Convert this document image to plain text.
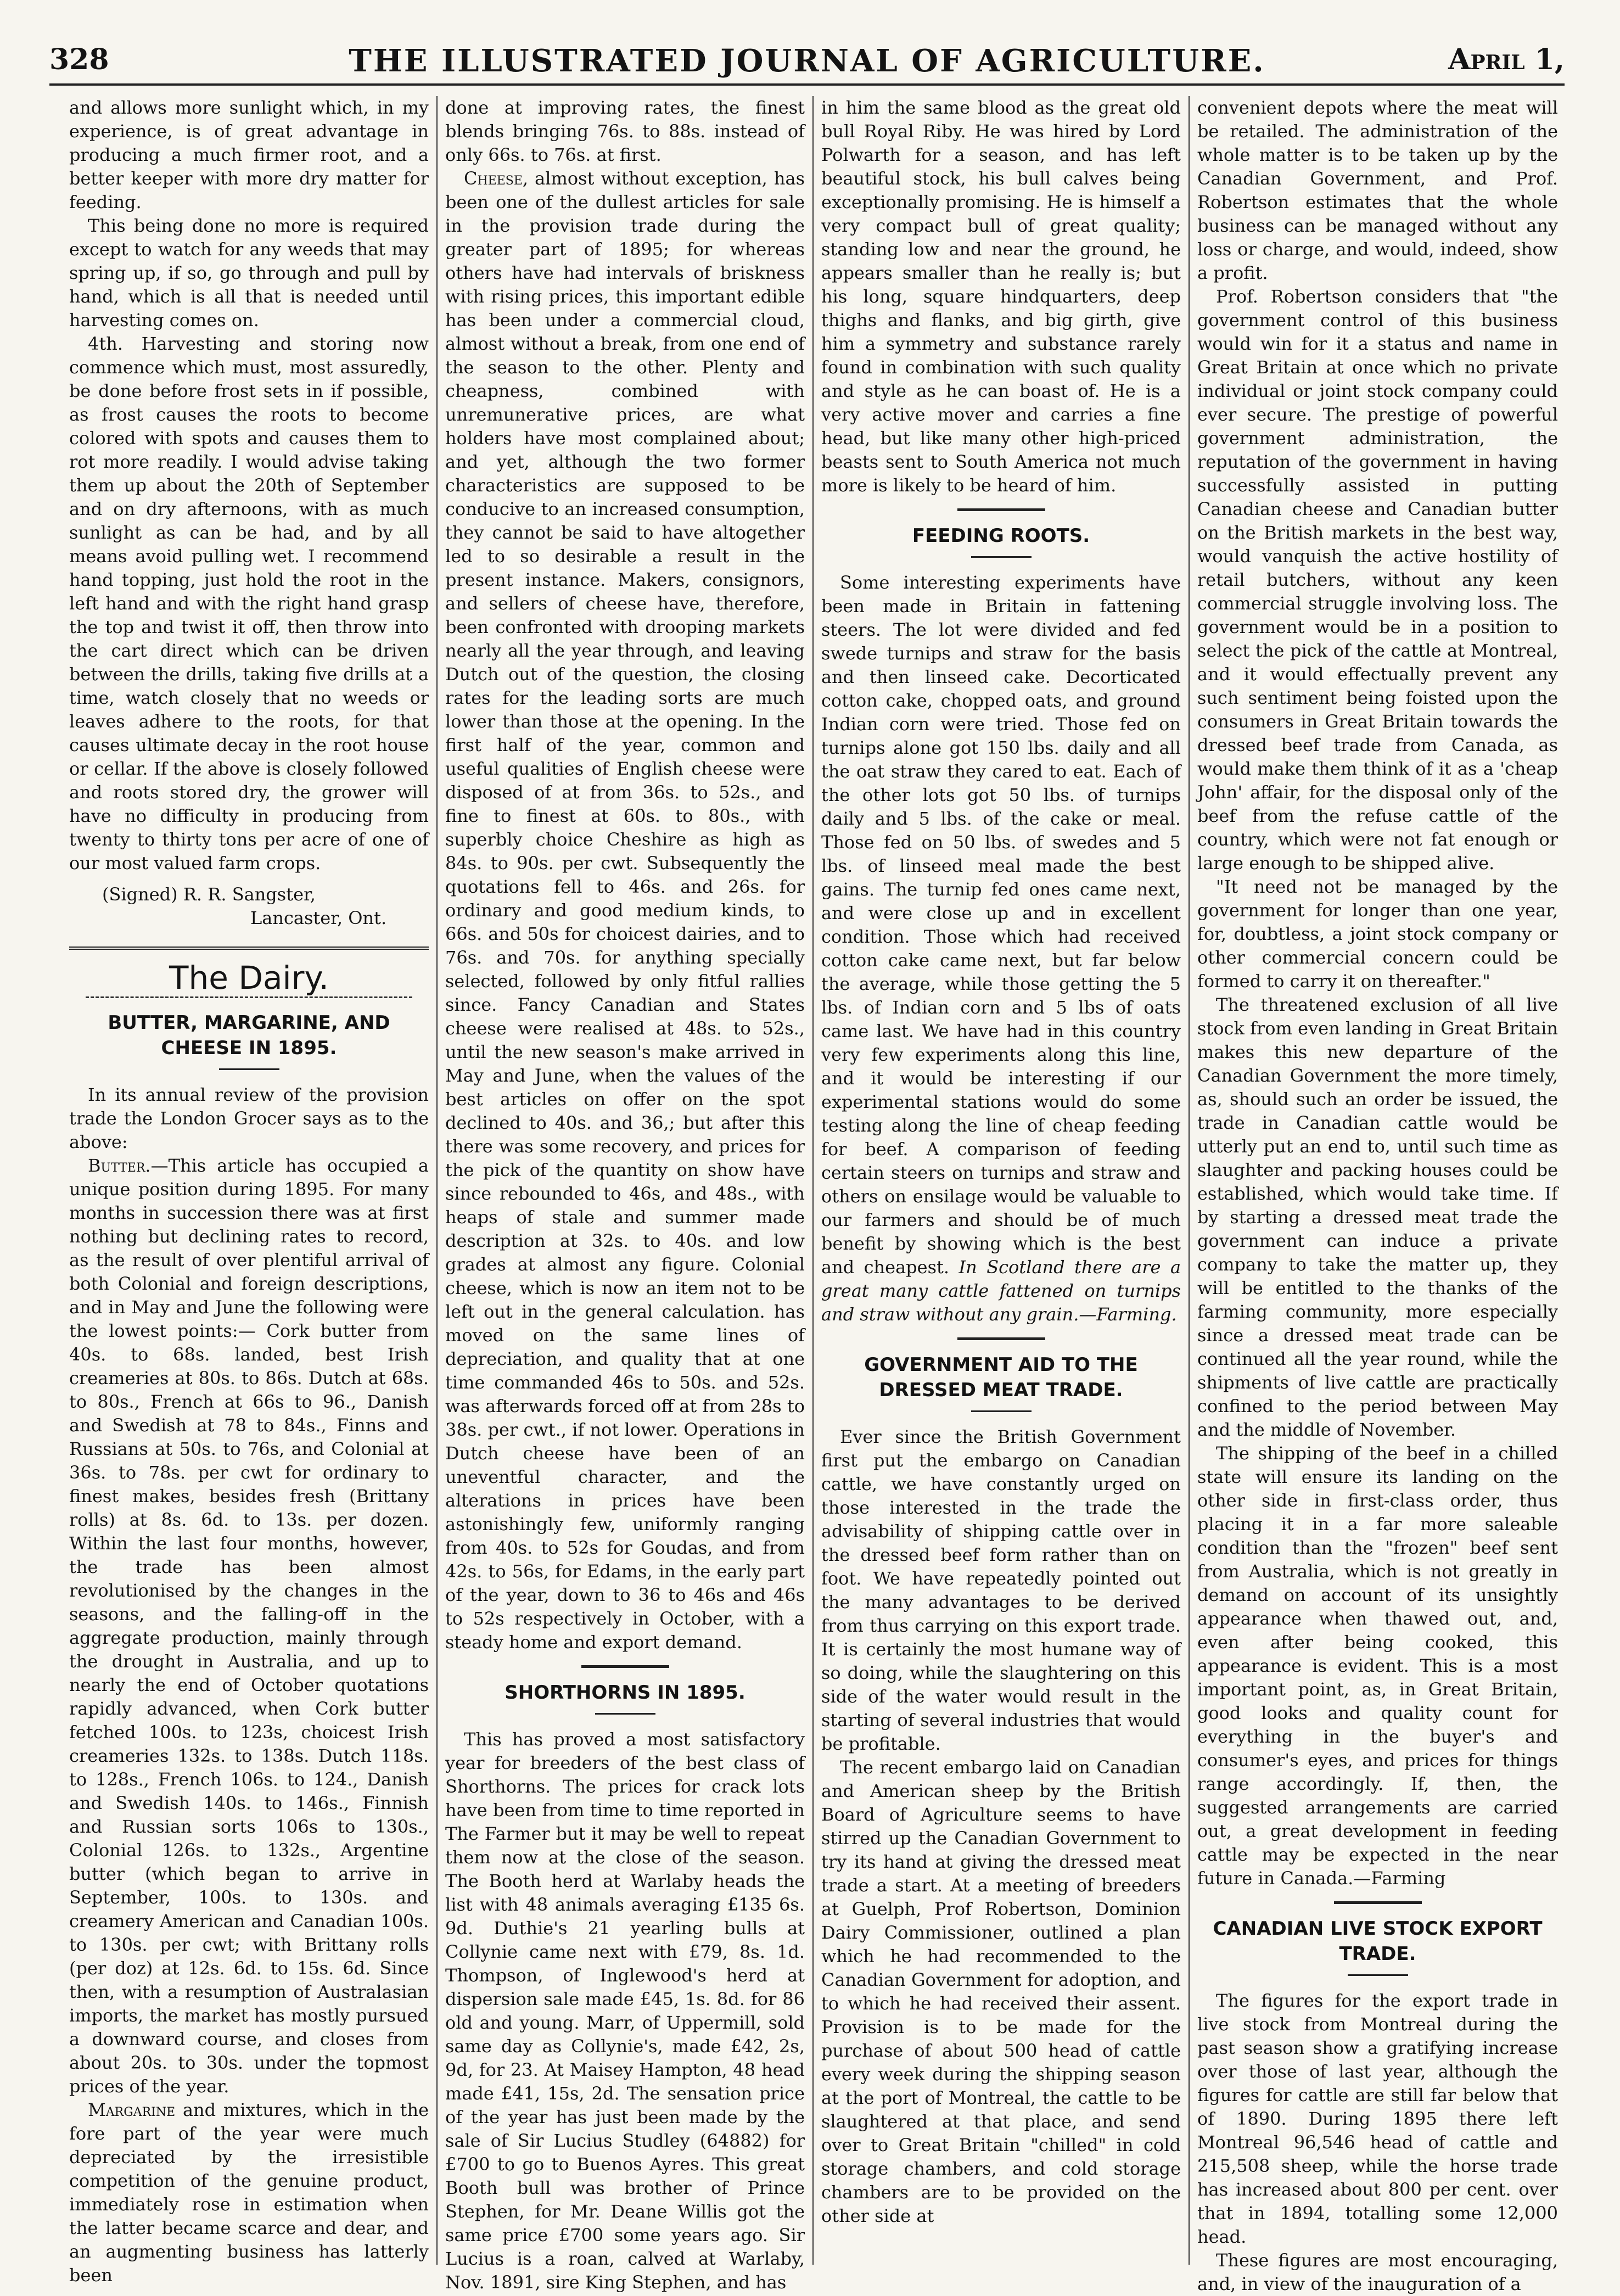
328	THE ILLUSTRATED JOURNAL OF AGRICULTURE.	April 1,

and allows more sunlight which, in my experience, is of great advantage in producing a much firmer root, and a better keeper with more dry matter for feeding.

This being done no more is required except to watch for any weeds that may spring up, if so, go through and pull by hand, which is all that is needed until harvesting comes on.

4th. Harvesting and storing now commence which must, most assuredly, be done before frost sets in if possible, as frost causes the roots to become colored with spots and causes them to rot more readily. I would advise taking them up about the 20th of September and on dry afternoons, with as much sunlight as can be had, and by all means avoid pulling wet. I recommend hand topping, just hold the root in the left hand and with the right hand grasp the top and twist it off, then throw into the cart direct which can be driven between the drills, taking five drills at a time, watch closely that no weeds or leaves adhere to the roots, for that causes ultimate decay in the root house or cellar. If the above is closely followed and roots stored dry, the grower will have no difficulty in producing from twenty to thirty tons per acre of one of our most valued farm crops.

(Signed) R. R. Sangster,

Lancaster, Ont.

The Dairy.
BUTTER, MARGARINE, AND CHEESE IN 1895.

In its annual review of the provision trade the London Grocer says as to the above:

Butter.—This article has occupied a unique position during 1895. For many months in succession there was at first nothing but declining rates to record, as the result of over plentiful arrival of both Colonial and foreign descriptions, and in May and June the following were the lowest points:— Cork butter from 40s. to 68s. landed, best Irish creameries at 80s. to 86s. Dutch at 68s. to 80s., French at 66s to 96., Danish and Swedish at 78 to 84s., Finns and Russians at 50s. to 76s, and Colonial at 36s. to 78s. per cwt for ordinary to finest makes, besides fresh (Brittany rolls) at 8s. 6d. to 13s. per dozen. Within the last four months, however, the trade has been almost revolutionised by the changes in the seasons, and the falling-off in the aggregate production, mainly through the drought in Australia, and up to nearly the end of October quotations rapidly advanced, when Cork butter fetched 100s. to 123s, choicest Irish creameries 132s. to 138s. Dutch 118s. to 128s., French 106s. to 124., Danish and Swedish 140s. to 146s., Finnish and Russian sorts 106s to 130s., Colonial 126s. to 132s., Argentine butter (which began to arrive in September, 100s. to 130s. and creamery American and Canadian 100s. to 130s. per cwt; with Brittany rolls (per doz) at 12s. 6d. to 15s. 6d. Since then, with a resumption of Australasian imports, the market has mostly pursued a downward course, and closes from about 20s. to 30s. under the topmost prices of the year.

Margarine and mixtures, which in the fore part of the year were much depreciated by the irresistible competition of the genuine product, immediately rose in estimation when the latter became scarce and dear, and an augmenting business has latterly been

done at improving rates, the finest blends bringing 76s. to 88s. instead of only 66s. to 76s. at first.

Cheese, almost without exception, has been one of the dullest articles for sale in the provision trade during the greater part of 1895; for whereas others have had intervals of briskness with rising prices, this important edible has been under a commercial cloud, almost without a break, from one end of the season to the other. Plenty and cheapness, combined with unremunerative prices, are what holders have most complained about; and yet, although the two former characteristics are supposed to be conducive to an increased consumption, they cannot be said to have altogether led to so desirable a result in the present instance. Makers, consignors, and sellers of cheese have, therefore, been confronted with drooping markets nearly all the year through, and leaving Dutch out of the question, the closing rates for the leading sorts are much lower than those at the opening. In the first half of the year, common and useful qualities of English cheese were disposed of at from 36s. to 52s., and fine to finest at 60s. to 80s., with superbly choice Cheshire as high as 84s. to 90s. per cwt. Subsequently the quotations fell to 46s. and 26s. for ordinary and good medium kinds, to 66s. and 50s for choicest dairies, and to 76s. and 70s. for anything specially selected, followed by only fitful rallies since. Fancy Canadian and States cheese were realised at 48s. to 52s., until the new season's make arrived in May and June, when the values of the best articles on offer on the spot declined to 40s. and 36,; but after this there was some recovery, and prices for the pick of the quantity on show have since rebounded to 46s, and 48s., with heaps of stale and summer made description at 32s. to 40s. and low grades at almost any figure. Colonial cheese, which is now an item not to be left out in the general calculation. has moved on the same lines of depreciation, and quality that at one time commanded 46s to 50s. and 52s. was afterwards forced off at from 28s to 38s. per cwt., if not lower. Operations in Dutch cheese have been of an uneventful character, and the alterations in prices have been astonishingly few, uniformly ranging from 40s. to 52s for Goudas, and from 42s. to 56s, for Edams, in the early part of the year, down to 36 to 46s and 46s to 52s respectively in October, with a steady home and export demand.

SHORTHORNS IN 1895.

This has proved a most satisfactory year for breeders of the best class of Shorthorns. The prices for crack lots have been from time to time reported in The Farmer but it may be well to repeat them now at the close of the season. The Booth herd at Warlaby heads the list with 48 animals averaging £135 6s. 9d. Duthie's 21 yearling bulls at Collynie came next with £79, 8s. 1d. Thompson, of Inglewood's herd at dispersion sale made £45, 1s. 8d. for 86 old and young. Marr, of Uppermill, sold same day as Collynie's, made £42, 2s, 9d, for 23. At Maisey Hampton, 48 head made £41, 15s, 2d. The sensation price of the year has just been made by the sale of Sir Lucius Studley (64882) for £700 to go to Buenos Ayres. This great Booth bull was brother of Prince Stephen, for Mr. Deane Willis got the same price £700 some years ago. Sir Lucius is a roan, calved at Warlaby, Nov. 1891, sire King Stephen, and has

in him the same blood as the great old bull Royal Riby. He was hired by Lord Polwarth for a season, and has left beautiful stock, his bull calves being exceptionally promising. He is himself a very compact bull of great quality; standing low and near the ground, he appears smaller than he really is; but his long, square hindquarters, deep thighs and flanks, and big girth, give him a symmetry and substance rarely found in combination with such quality and style as he can boast of. He is a very active mover and carries a fine head, but like many other high-priced beasts sent to South America not much more is likely to be heard of him.

FEEDING ROOTS.

Some interesting experiments have been made in Britain in fattening steers. The lot were divided and fed swede turnips and straw for the basis and then linseed cake. Decorticated cotton cake, chopped oats, and ground Indian corn were tried. Those fed on turnips alone got 150 lbs. daily and all the oat straw they cared to eat. Each of the other lots got 50 lbs. of turnips daily and 5 lbs. of the cake or meal. Those fed on 50 lbs. of swedes and 5 lbs. of linseed meal made the best gains. The turnip fed ones came next, and were close up and in excellent condition. Those which had received cotton cake came next, but far below the average, while those getting the 5 lbs. of Indian corn and 5 lbs of oats came last. We have had in this country very few experiments along this line, and it would be interesting if our experimental stations would do some testing along the line of cheap feeding for beef. A comparison of feeding certain steers on turnips and straw and others on ensilage would be valuable to our farmers and should be of much benefit by showing which is the best and cheapest. In Scotland there are a great many cattle fattened on turnips and straw without any grain.—Farming.

GOVERNMENT AID TO THE DRESSED MEAT TRADE.

Ever since the British Government first put the embargo on Canadian cattle, we have constantly urged on those interested in the trade the advisability of shipping cattle over in the dressed beef form rather than on foot. We have repeatedly pointed out the many advantages to be derived from thus carrying on this export trade. It is certainly the most humane way of so doing, while the slaughtering on this side of the water would result in the starting of several industries that would be profitable.

The recent embargo laid on Canadian and American sheep by the British Board of Agriculture seems to have stirred up the Canadian Government to try its hand at giving the dressed meat trade a start. At a meeting of breeders at Guelph, Prof Robertson, Dominion Dairy Commissioner, outlined a plan which he had recommended to the Canadian Government for adoption, and to which he had received their assent. Provision is to be made for the purchase of about 500 head of cattle every week during the shipping season at the port of Montreal, the cattle to be slaughtered at that place, and send over to Great Britain "chilled" in cold storage chambers, and cold storage chambers are to be provided on the other side at

convenient depots where the meat will be retailed. The administration of the whole matter is to be taken up by the Canadian Government, and Prof. Robertson estimates that the whole business can be managed without any loss or charge, and would, indeed, show a profit.

Prof. Robertson considers that "the government control of this business would win for it a status and name in Great Britain at once which no private individual or joint stock company could ever secure. The prestige of powerful government administration, the reputation of the government in having successfully assisted in putting Canadian cheese and Canadian butter on the British markets in the best way, would vanquish the active hostility of retail butchers, without any keen commercial struggle involving loss. The government would be in a position to select the pick of the cattle at Montreal, and it would effectually prevent any such sentiment being foisted upon the consumers in Great Britain towards the dressed beef trade from Canada, as would make them think of it as a 'cheap John' affair, for the disposal only of the beef from the refuse cattle of the country, which were not fat enough or large enough to be shipped alive.

"It need not be managed by the government for longer than one year, for, doubtless, a joint stock company or other commercial concern could be formed to carry it on thereafter."

The threatened exclusion of all live stock from even landing in Great Britain makes this new departure of the Canadian Government the more timely, as, should such an order be issued, the trade in Canadian cattle would be utterly put an end to, until such time as slaughter and packing houses could be established, which would take time. If by starting a dressed meat trade the government can induce a private company to take the matter up, they will be entitled to the thanks of the farming community, more especially since a dressed meat trade can be continued all the year round, while the shipments of live cattle are practically confined to the period between May and the middle of November.

The shipping of the beef in a chilled state will ensure its landing on the other side in first-class order, thus placing it in a far more saleable condition than the "frozen" beef sent from Australia, which is not greatly in demand on account of its unsightly appearance when thawed out, and, even after being cooked, this appearance is evident. This is a most important point, as, in Great Britain, good looks and quality count for everything in the buyer's and consumer's eyes, and prices for things range accordingly. If, then, the suggested arrangements are carried out, a great development in feeding cattle may be expected in the near future in Canada.—Farming

CANADIAN LIVE STOCK EXPORT TRADE.

The figures for the export trade in live stock from Montreal during the past season show a gratifying increase over those of last year, although the figures for cattle are still far below that of 1890. During 1895 there left Montreal 96,546 head of cattle and 215,508 sheep, while the horse trade has increased about 800 per cent. over that in 1894, totalling some 12,000 head.

These figures are most encouraging, and, in view of the inauguration of a
